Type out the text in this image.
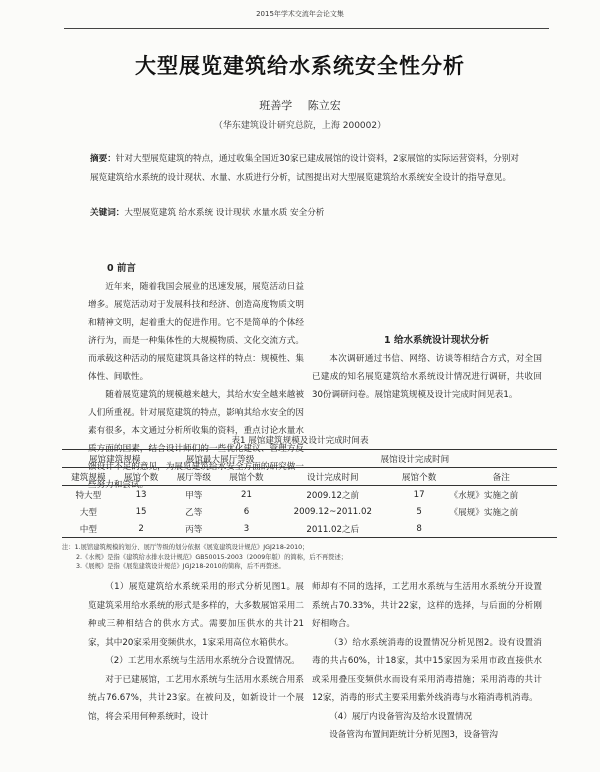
2015年学术交流年会论文集
大型展览建筑给水系统安全性分析
班善学 陈立宏
（华东建筑设计研究总院，上海 200002）
摘要：针对大型展览建筑的特点，通过收集全国近30家已建成展馆的设计资料，2家展馆的实际运营资料，分别对展览建筑给水系统的设计现状、水量、水质进行分析，试图提出对大型展览建筑给水系统安全设计的指导意见。
关键词：大型展览建筑 给水系统 设计现状 水量水质 安全分析

0 前言

近年来，随着我国会展业的迅速发展，展览活动日益增多。展览活动对于发展科技和经济、创造高度物质文明和精神文明，起着重大的促进作用。它不是简单的个体经济行为，而是一种集体性的大规模物质、文化交流方式。而承载这种活动的展览建筑具备这样的特点：规模性、集体性、间歇性。

随着展览建筑的规模越来越大，其给水安全越来越被人们所重视。针对展览建筑的特点，影响其给水安全的因素有很多，本文通过分析所收集的资料，重点讨论水量水质方面的因素，结合设计师们的一些优化建议、管理方反馈设计不足的意见，为展览建筑给水安全方面的研究做一些努力和尝试。

1 给水系统设计现状分析

本次调研通过书信、网络、访谈等相结合方式，对全国已建成的知名展览建筑给水系统设计情况进行调研，共收回30份调研问卷。展馆建筑规模及设计完成时间见表1。

表1 展馆建筑规模及设计完成时间表
展馆建筑规模		展馆最大展厅等级		展馆设计完成时间		
建筑规模	展馆个数	展厅等级	展馆个数	设计完成时间	展馆个数	备注
特大型	13	甲等	21	2009.12之前	17	《水规》实施之前
大型	15	乙等	6	2009.12~2011.02	5	《展规》实施之前
中型	2	丙等	3	2011.02之后	8	
注：1.展馆建筑规模的划分、展厅等级的划分依据《展览建筑设计规范》JGJ218-2010；
2.《水规》是指《建筑给水排水设计规范》GB50015-2003（2009年版）的简称，后不再赘述；
3.《展规》是指《展览建筑设计规范》JGJ218-2010的简称，后不再赘述。

（1）展览建筑给水系统采用的形式分析见图1。展览建筑采用给水系统的形式是多样的，大多数展馆采用二种或三种相结合的供水方式。需要加压供水的共计21家，其中20家采用变频供水，1家采用高位水箱供水。

（2）工艺用水系统与生活用水系统分合设置情况。

对于已建展馆，工艺用水系统与生活用水系统合用系统占76.67%，共计23家。在被问及，如新设计一个展馆，将会采用何种系统时，设计

师却有不同的选择，工艺用水系统与生活用水系统分开设置系统占70.33%，共计22家，这样的选择，与后面的分析刚好相吻合。

（3）给水系统消毒的设置情况分析见图2。设有设置消毒的共占60%，计18家，其中15家因为采用市政直接供水或采用叠压变频供水而设有采用消毒措施；采用消毒的共计12家，消毒的形式主要采用紫外线消毒与水箱消毒机消毒。

（4）展厅内设备管沟及给水设置情况

设备管沟布置间距统计分析见图3，设备管沟
